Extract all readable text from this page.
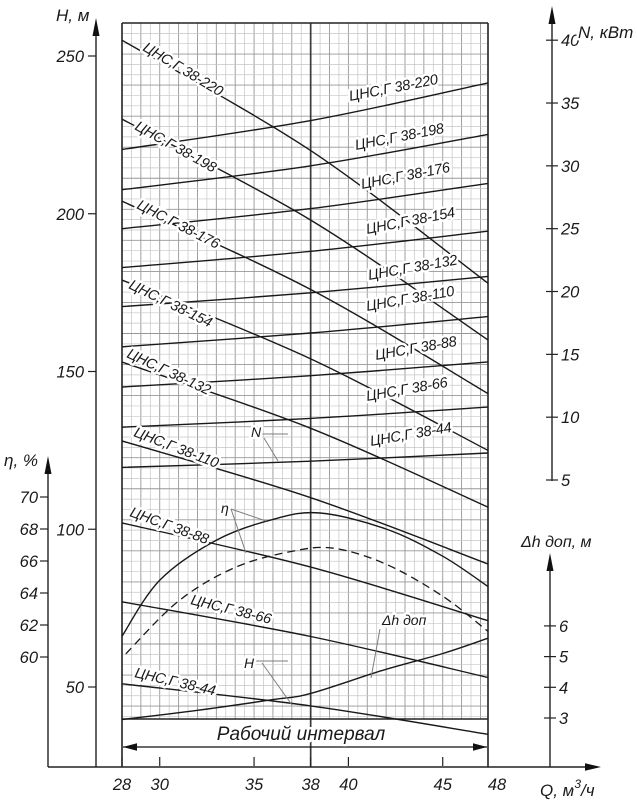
ЦНС,Г 38-220
ЦНС,Г 38-198
ЦНС,Г 38-176
ЦНС,Г 38-154
ЦНС,Г 38-132
ЦНС,Г 38-110
ЦНС,Г 38-88
ЦНС,Г 38-66
ЦНС,Г 38-44
ЦНС,Г 38-220
ЦНС,Г 38-198
ЦНС,Г 38-176
ЦНС,Г 38-154
ЦНС,Г 38-132
ЦНС,Г 38-110
ЦНС,Г 38-88
ЦНС,Г 38-66
ЦНС,Г 38-44
250
200
150
100
50
70
68
66
64
62
60
40
35
30
25
20
15
10
5
6
5
4
3
28 30	35 38 40	45 48
Н, м
η, %
N, кВт
Δh доп, м
Q, $м^3/ч$
Рабочий интервал
N
η
Н
Δh доп
